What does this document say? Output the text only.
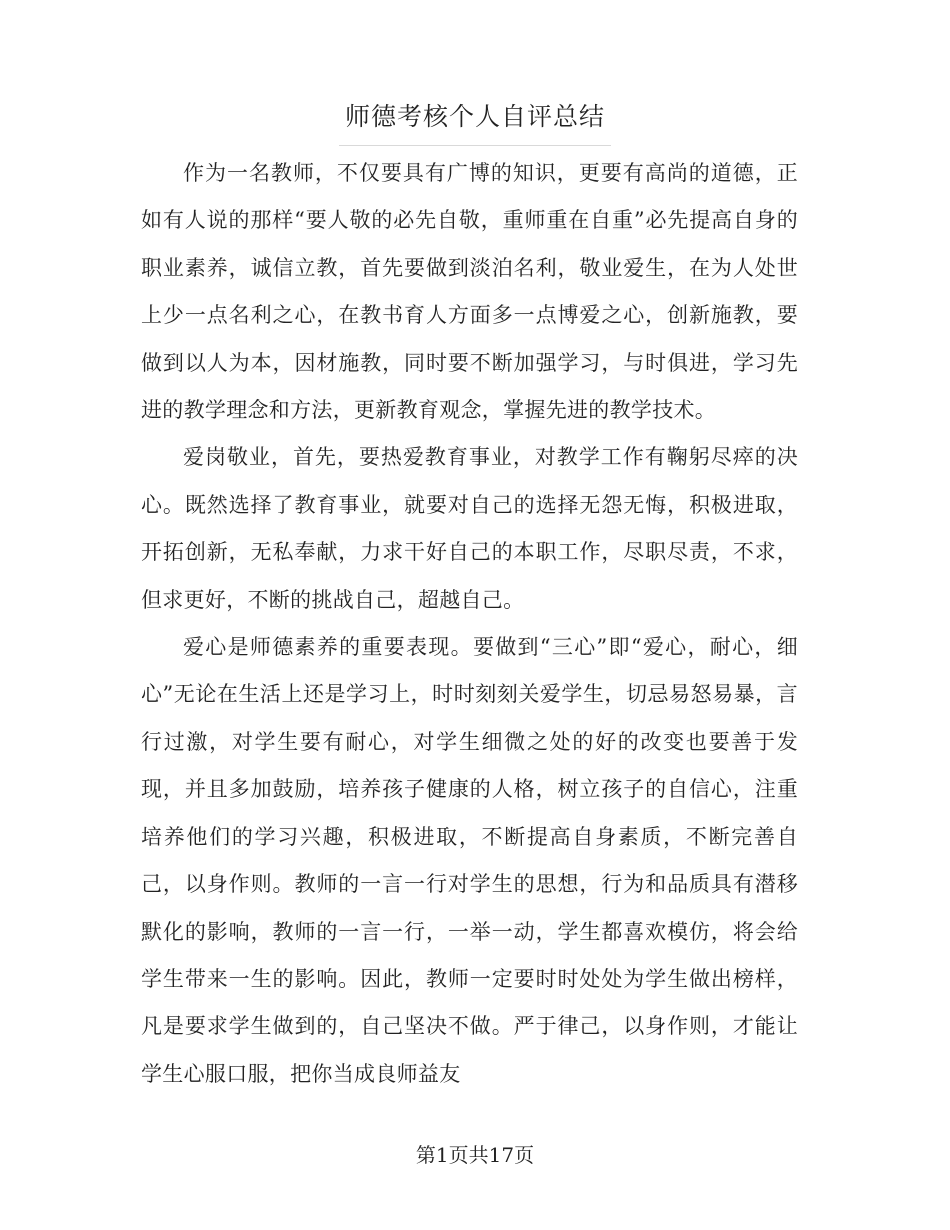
师德考核个人自评总结

作为一名教师，不仅要具有广博的知识，更要有高尚的道德，正如有人说的那样“要人敬的必先自敬，重师重在自重”必先提高自身的职业素养，诚信立教，首先要做到淡泊名利，敬业爱生，在为人处世上少一点名利之心，在教书育人方面多一点博爱之心，创新施教，要做到以人为本，因材施教，同时要不断加强学习，与时俱进，学习先进的教学理念和方法，更新教育观念，掌握先进的教学技术。

爱岗敬业，首先，要热爱教育事业，对教学工作有鞠躬尽瘁的决心。既然选择了教育事业，就要对自己的选择无怨无悔，积极进取，开拓创新，无私奉献，力求干好自己的本职工作，尽职尽责，不求，但求更好，不断的挑战自己，超越自己。

爱心是师德素养的重要表现。要做到“三心”即“爱心，耐心，细心”无论在生活上还是学习上，时时刻刻关爱学生，切忌易怒易暴，言行过激，对学生要有耐心，对学生细微之处的好的改变也要善于发现，并且多加鼓励，培养孩子健康的人格，树立孩子的自信心，注重培养他们的学习兴趣，积极进取，不断提高自身素质，不断完善自己，以身作则。教师的一言一行对学生的思想，行为和品质具有潜移默化的影响，教师的一言一行，一举一动，学生都喜欢模仿，将会给学生带来一生的影响。因此，教师一定要时时处处为学生做出榜样，凡是要求学生做到的，自己坚决不做。严于律己，以身作则，才能让学生心服口服，把你当成良师益友

第1页共17页
